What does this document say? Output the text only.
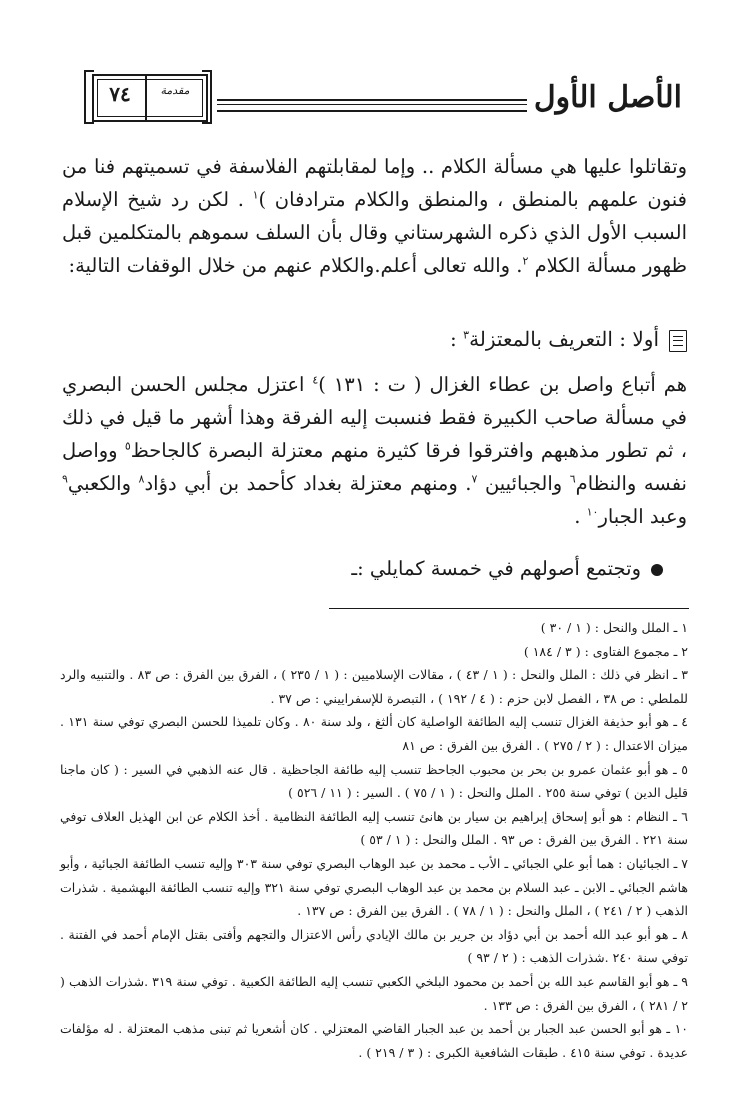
الأصل الأول
٧٤	مقدمة
وتقاتلوا عليها هي مسألة الكلام .. وإما لمقابلتهم الفلاسفة في تسميتهم فنا من فنون علمهم بالمنطق ، والمنطق والكلام مترادفان )$^١$ . لكن رد شيخ الإسلام السبب الأول الذي ذكره الشهرستاني وقال بأن السلف سموهم بالمتكلمين قبل ظهور مسألة الكلام $^٢$. والله تعالى أعلم.والكلام عنهم من خلال الوقفات التالية:
أولا : التعريف بالمعتزلة$^٣$ :
هم أتباع واصل بن عطاء الغزال ( ت : ١٣١ )$^٤$ اعتزل مجلس الحسن البصري في مسألة صاحب الكبيرة فقط فنسبت إليه الفرقة وهذا أشهر ما قيل في ذلك ، ثم تطور مذهبهم وافترقوا فرقا كثيرة منهم معتزلة البصرة كالجاحظ$^٥$ وواصل نفسه والنظام$^٦$ والجبائيين $^٧$. ومنهم معتزلة بغداد كأحمد بن أبي دؤاد$^٨$ والكعبي$^٩$ وعبد الجبار$^{١٠}$ .
وتجتمع أصولهم في خمسة كمايلي :ـ

١ ـ الملل والنحل : ( ١ / ٣٠ )

٢ ـ مجموع الفتاوى : ( ٣ / ١٨٤ )

٣ ـ انظر في ذلك : الملل والنحل : ( ١ / ٤٣ ) ، مقالات الإسلاميين : ( ١ / ٢٣٥ ) ، الفرق بين الفرق : ص ٨٣ . والتنبيه والرد للملطي : ص ٣٨ ، الفصل لابن حزم : ( ٤ / ١٩٢ ) ، التبصرة للإسفراييني : ص ٣٧ .

٤ ـ هو أبو حذيفة الغزال تنسب إليه الطائفة الواصلية كان ألثغ ، ولد سنة ٨٠ . وكان تلميذا للحسن البصري توفي سنة ١٣١ . ميزان الاعتدال : ( ٢ / ٢٧٥ ) . الفرق بين الفرق : ص ٨١

٥ ـ هو أبو عثمان عمرو بن بحر بن محبوب الجاحظ تنسب إليه طائفة الجاحظية . قال عنه الذهبي في السير : ( كان ماجنا قليل الدين ) توفي سنة ٢٥٥ . الملل والنحل : ( ١ / ٧٥ ) . السير : ( ١١ / ٥٢٦ )

٦ ـ النظام : هو أبو إسحاق إبراهيم بن سيار بن هانئ تنسب إليه الطائفة النظامية . أخذ الكلام عن ابن الهذيل العلاف توفي سنة ٢٢١ . الفرق بين الفرق : ص ٩٣ . الملل والنحل : ( ١ / ٥٣ )

٧ ـ الجبائيان : هما أبو علي الجبائي ـ الأب ـ محمد بن عبد الوهاب البصري توفي سنة ٣٠٣ وإليه تنسب الطائفة الجبائية ، وأبو هاشم الجبائي ـ الابن ـ عبد السلام بن محمد بن عبد الوهاب البصري توفي سنة ٣٢١ وإليه تنسب الطائفة البهشمية . شذرات الذهب ( ٢ / ٢٤١ ) ، الملل والنحل : ( ١ / ٧٨ ) . الفرق بين الفرق : ص ١٣٧ .

٨ ـ هو أبو عبد الله أحمد بن أبي دؤاد بن جرير بن مالك الإيادي رأس الاعتزال والتجهم وأفتى بقتل الإمام أحمد في الفتنة . توفي سنة ٢٤٠ .شذرات الذهب : ( ٢ / ٩٣ )

٩ ـ هو أبو القاسم عبد الله بن أحمد بن محمود البلخي الكعبي تنسب إليه الطائفة الكعبية . توفي سنة ٣١٩ .شذرات الذهب ( ٢ / ٢٨١ ) ، الفرق بين الفرق : ص ١٣٣ .

١٠ ـ هو أبو الحسن عبد الجبار بن أحمد بن عبد الجبار القاضي المعتزلي . كان أشعريا ثم تبنى مذهب المعتزلة . له مؤلفات عديدة . توفي سنة ٤١٥ . طبقات الشافعية الكبرى : ( ٣ / ٢١٩ ) .
